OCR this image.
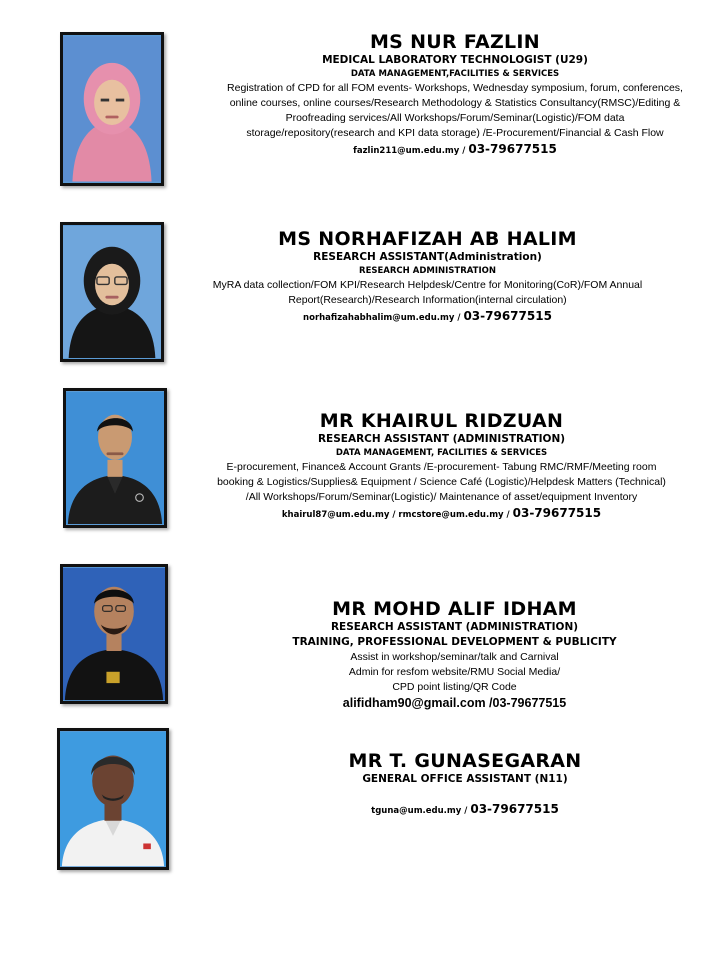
MS NUR FAZLIN
MEDICAL LABORATORY TECHNOLOGIST (U29)
DATA MANAGEMENT,FACILITIES & SERVICES
Registration of CPD for all FOM events- Workshops, Wednesday symposium, forum, conferences,
online courses, online courses/Research Methodology & Statistics Consultancy(RMSC)/Editing &
Proofreading services/All Workshops/Forum/Seminar(Logistic)/FOM data
storage/repository(research and KPI data storage) /E-Procurement/Financial & Cash Flow
fazlin211@um.edu.my / 03-79677515
MS NORHAFIZAH AB HALIM
RESEARCH ASSISTANT(Administration)
RESEARCH ADMINISTRATION
MyRA data collection/FOM KPI/Research Helpdesk/Centre for Monitoring(CoR)/FOM Annual
Report(Research)/Research Information(internal circulation)
norhafizahabhalim@um.edu.my / 03-79677515
MR KHAIRUL RIDZUAN
RESEARCH ASSISTANT (ADMINISTRATION)
DATA MANAGEMENT, FACILITIES & SERVICES
E-procurement, Finance& Account Grants /E-procurement- Tabung RMC/RMF/Meeting room
booking & Logistics/Supplies& Equipment / Science Café (Logistic)/Helpdesk Matters (Technical)
/All Workshops/Forum/Seminar(Logistic)/ Maintenance of asset/equipment Inventory
khairul87@um.edu.my / rmcstore@um.edu.my / 03-79677515
MR MOHD ALIF IDHAM
RESEARCH ASSISTANT (ADMINISTRATION)
TRAINING, PROFESSIONAL DEVELOPMENT & PUBLICITY
Assist in workshop/seminar/talk and Carnival
Admin for resfom website/RMU Social Media/
CPD point listing/QR Code
alifidham90@gmail.com /03-79677515
MR T. GUNASEGARAN
GENERAL OFFICE ASSISTANT (N11)
tguna@um.edu.my / 03-79677515
